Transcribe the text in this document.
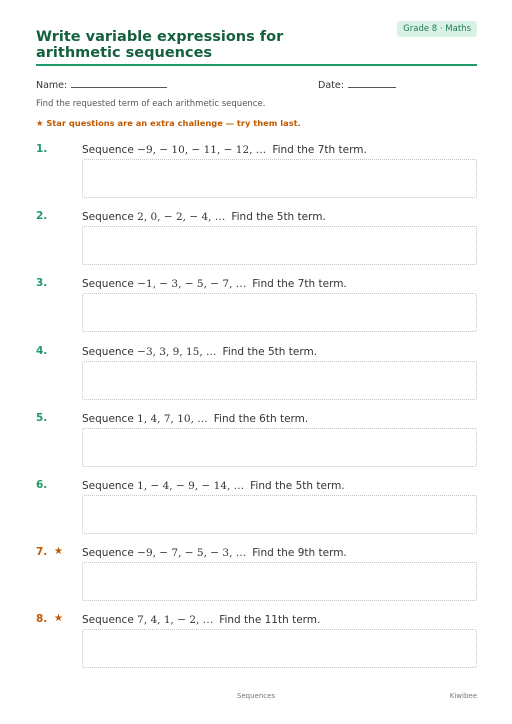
Write variable expressions for arithmetic sequences
Grade 8 · Maths
Name:	Date:
Find the requested term of each arithmetic sequence.
★ Star questions are an extra challenge — try them last.
1.	Sequence −9, − 10, − 11, − 12, … Find the 7th term.
2.	Sequence 2, 0, − 2, − 4, … Find the 5th term.
3.	Sequence −1, − 3, − 5, − 7, … Find the 7th term.
4.	Sequence −3, 3, 9, 15, … Find the 5th term.
5.	Sequence 1, 4, 7, 10, … Find the 6th term.
6.	Sequence 1, − 4, − 9, − 14, … Find the 5th term.
7. ★ Sequence −9, − 7, − 5, − 3, … Find the 9th term.
8. ★ Sequence 7, 4, 1, − 2, … Find the 11th term.
Sequences	Kiwibee
